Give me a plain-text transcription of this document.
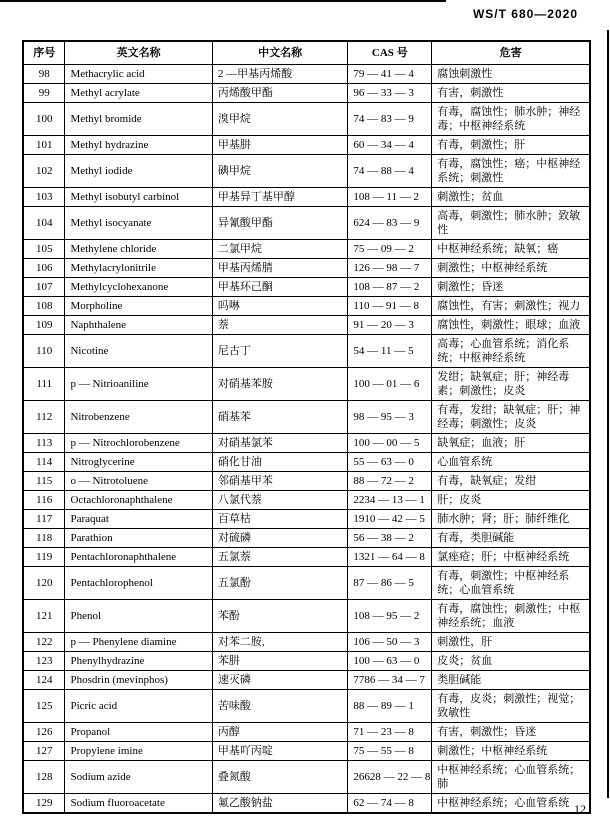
WS/T 680—2020
序号	英文名称	中文名称	CAS 号	危害
98	Methacrylic acid	2 —甲基丙烯酸	79 — 41 — 4	腐蚀刺激性
99	Methyl acrylate	丙烯酸甲酯	96 — 33 — 3	有害，刺激性
100	Methyl bromide	溴甲烷	74 — 83 — 9	有毒，腐蚀性；肺水肿；神经毒；中枢神经系统
101	Methyl hydrazine	甲基肼	60 — 34 — 4	有毒，刺激性；肝
102	Methyl iodide	碘甲烷	74 — 88 — 4	有毒，腐蚀性；癌；中枢神经系统；刺激性
103	Methyl isobutyl carbinol	甲基异丁基甲醇	108 — 11 — 2	刺激性；贫血
104	Methyl isocyanate	异氰酸甲酯	624 — 83 — 9	高毒，刺激性；肺水肿；致敏性
105	Methylene chloride	二氯甲烷	75 — 09 — 2	中枢神经系统；缺氧；癌
106	Methylacrylonitrile	甲基丙烯腈	126 — 98 — 7	刺激性；中枢神经系统
107	Methylcyclohexanone	甲基环己酮	108 — 87 — 2	刺激性；昏迷
108	Morpholine	吗啉	110 — 91 — 8	腐蚀性，有害；刺激性；视力
109	Naphthalene	萘	91 — 20 — 3	腐蚀性，刺激性；眼球；血液
110	Nicotine	尼古丁	54 — 11 — 5	高毒；心血管系统；消化系统；中枢神经系统
111	p — Nitrioaniline	对硝基苯胺	100 — 01 — 6	发绀；缺氧症；肝；神经毒素；刺激性；皮炎
112	Nitrobenzene	硝基苯	98 — 95 — 3	有毒，发绀；缺氧症；肝；神经毒；刺激性；皮炎
113	p — Nitrochlorobenzene	对硝基氯苯	100 — 00 — 5	缺氧症；血液；肝
114	Nitroglycerine	硝化甘油	55 — 63 — 0	心血管系统
115	o — Nitrotoluene	邻硝基甲苯	88 — 72 — 2	有毒，缺氧症；发绀
116	Octachloronaphthalene	八氯代萘	2234 — 13 — 1	肝；皮炎
117	Paraquat	百草枯	1910 — 42 — 5	肺水肿；肾；肝；肺纤维化
118	Parathion	对硫磷	56 — 38 — 2	有毒，类胆碱能
119	Pentachloronaphthalene	五氯萘	1321 — 64 — 8	氯痤疮；肝；中枢神经系统
120	Pentachlorophenol	五氯酚	87 — 86 — 5	有毒，刺激性；中枢神经系统；心血管系统
121	Phenol	苯酚	108 — 95 — 2	有毒，腐蚀性；刺激性；中枢神经系统；血液
122	p — Phenylene diamine	对苯二胺,	106 — 50 — 3	刺激性，肝
123	Phenylhydrazine	苯肼	100 — 63 — 0	皮炎；贫血
124	Phosdrin (mevinphos)	速灭磷	7786 — 34 — 7	类胆碱能
125	Picric acid	苦味酸	88 — 89 — 1	有毒，皮炎；刺激性；视觉；致敏性
126	Propanol	丙醇	71 — 23 — 8	有害，刺激性；昏迷
127	Propylene imine	甲基吖丙啶	75 — 55 — 8	刺激性；中枢神经系统
128	Sodium azide	叠氮酸	26628 — 22 — 8	中枢神经系统；心血管系统；肺
129	Sodium fluoroacetate	氟乙酸钠盐	62 — 74 — 8	中枢神经系统；心血管系统 12
